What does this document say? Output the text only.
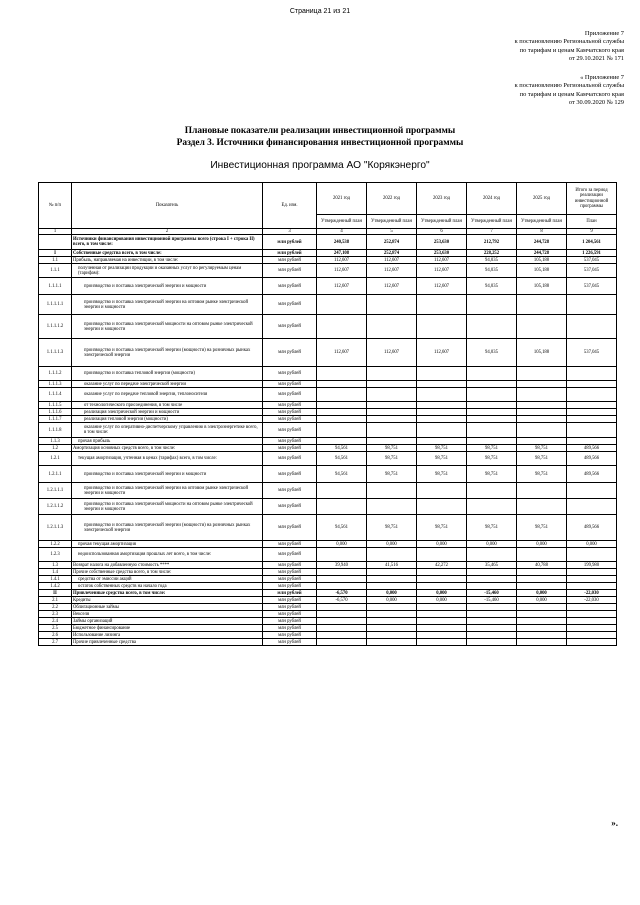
Страница 21 из 21
Приложение 7
к постановлению Региональной службы
по тарифам и ценам Камчатского края
от 29.10.2021 № 171
« Приложение 7
к постановлению Региональной службы
по тарифам и ценам Камчатского края
от 30.09.2020 № 129
Плановые показатели реализации инвестиционной программы
Раздел 3. Источники финансирования инвестиционной программы
Инвестиционная программа АО "Корякэнерго"
№ п/п	Показатель	Ед. изм.	2021 год	2022 год	2023 год	2024 год	2025 год	Итого за период реализации инвестиционной программы
			Утвержденный план	Утвержденный план	Утвержденный план	Утвержденный план	Утвержденный план	План
1	2	3	4	5	6	7	8	9
	Источники финансирования инвестиционной программы всего (строка I + строка II) всего, в том числе:	млн рублей	240,538	252,874	253,630	212,792	244,728	1 204,561
I	Собственные средства всего, в том числе:	млн рублей	247,108	252,874	253,630	228,252	244,728	1 226,591
1.1	Прибыль, направляемая на инвестиции, в том числе:	млн рублей	112,607	112,607	112,607	94,035	105,188	537,045
1.1.1	полученная от реализации продукции и оказанных услуг по регулируемым ценам (тарифам):	млн рублей	112,607	112,607	112,607	94,035	105,188	537,045
1.1.1.1	производство и поставка электрической энергии и мощности	млн рублей	112,607	112,607	112,607	94,035	105,188	537,045
1.1.1.1.1	производство и поставка электрической энергии на оптовом рынке электрической энергии и мощности	млн рублей						
1.1.1.1.2	производство и поставка электрической мощности на оптовом рынке электрической энергии и мощности	млн рублей						
1.1.1.1.3	производство и поставка электрической энергии (мощности) на розничных рынках электрической энергии	млн рублей	112,607	112,607	112,607	94,035	105,188	537,045
1.1.1.2	производство и поставка тепловой энергии (мощности)	млн рублей						
1.1.1.3	оказание услуг по передаче электрической энергии	млн рублей						
1.1.1.4	оказание услуг по передаче тепловой энергии, теплоносителя	млн рублей						
1.1.1.5	от технологического присоединения, в том числе	млн рублей						
1.1.1.6	реализация электрической энергии и мощности	млн рублей						
1.1.1.7	реализация тепловой энергии (мощности)	млн рублей						
1.1.1.8	оказание услуг по оперативно-диспетчерскому управлению в электроэнергетике всего, в том числе:	млн рублей						
1.1.3	прочая прибыль	млн рублей						
1.2	Амортизация основных средств всего, в том числе:	млн рублей	94,561	98,751	98,751	98,751	98,751	489,566
1.2.1	текущая амортизация, учтенная в ценах (тарифах) всего, в том числе:	млн рублей	94,561	98,751	98,751	98,751	98,751	489,566
1.2.1.1	производство и поставка электрической энергии и мощности	млн рублей	94,561	98,751	98,751	98,751	98,751	489,566
1.2.1.1.1	производство и поставка электрической энергии на оптовом рынке электрической энергии и мощности	млн рублей						
1.2.1.1.2	производство и поставка электрической мощности на оптовом рынке электрической энергии и мощности	млн рублей						
1.2.1.1.3	производство и поставка электрической энергии (мощности) на розничных рынках электрической энергии	млн рублей	94,561	98,751	98,751	98,751	98,751	489,566
1.2.2	прочая текущая амортизация	млн рублей	0,000	0,000	0,000	0,000	0,000	0,000
1.2.3	недоиспользованная амортизация прошлых лет всего, в том числе:	млн рублей						
1.3	Возврат налога на добавленную стоимость ****	млн рублей	39,940	41,516	42,272	35,465	40,788	199,980
1.4	Прочие собственные средства всего, в том числе:	млн рублей						
1.4.1	средства от эмиссии акций	млн рублей						
1.4.2	остаток собственных средств на начало года	млн рублей						
II	Привлеченные средства всего, в том числе:	млн рублей	-6,570	0,000	0,000	-15,460	0,000	-22,030
2.1	Кредиты	млн рублей	-6,570	0,000	0,000	-15,460	0,000	-22,030
2.2	Облигационные займы	млн рублей						
2.3	Векселя	млн рублей						
2.4	Займы организаций	млн рублей						
2.5	Бюджетное финансирование	млн рублей						
2.6	Использование лизинга	млн рублей						
2.7	Прочие привлеченные средства	млн рублей						
».
